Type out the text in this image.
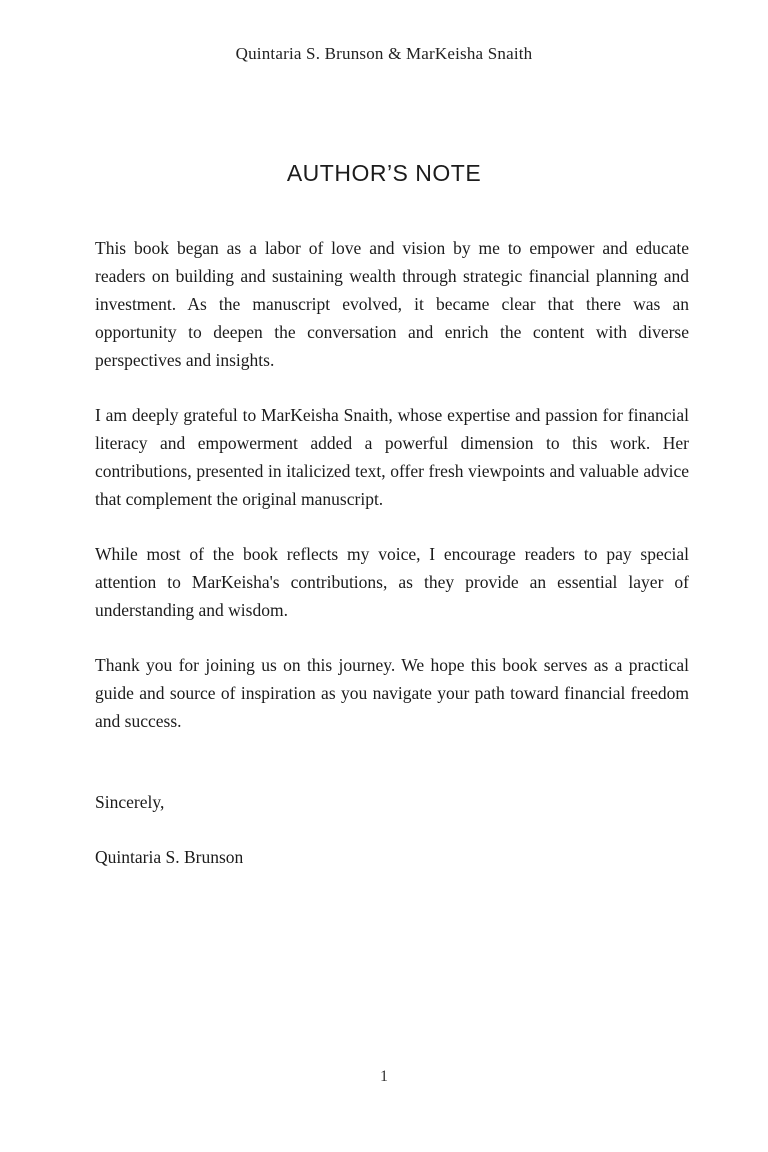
Quintaria S. Brunson & MarKeisha Snaith
AUTHOR’S NOTE

This book began as a labor of love and vision by me to empower and educate readers on building and sustaining wealth through strategic financial planning and investment. As the manuscript evolved, it became clear that there was an opportunity to deepen the conversation and enrich the content with diverse perspectives and insights.

I am deeply grateful to MarKeisha Snaith, whose expertise and passion for financial literacy and empowerment added a powerful dimension to this work. Her contributions, presented in italicized text, offer fresh viewpoints and valuable advice that complement the original manuscript.

While most of the book reflects my voice, I encourage readers to pay special attention to MarKeisha's contributions, as they provide an essential layer of understanding and wisdom.

Thank you for joining us on this journey. We hope this book serves as a practical guide and source of inspiration as you navigate your path toward financial freedom and success.

Sincerely,
Quintaria S. Brunson
1
